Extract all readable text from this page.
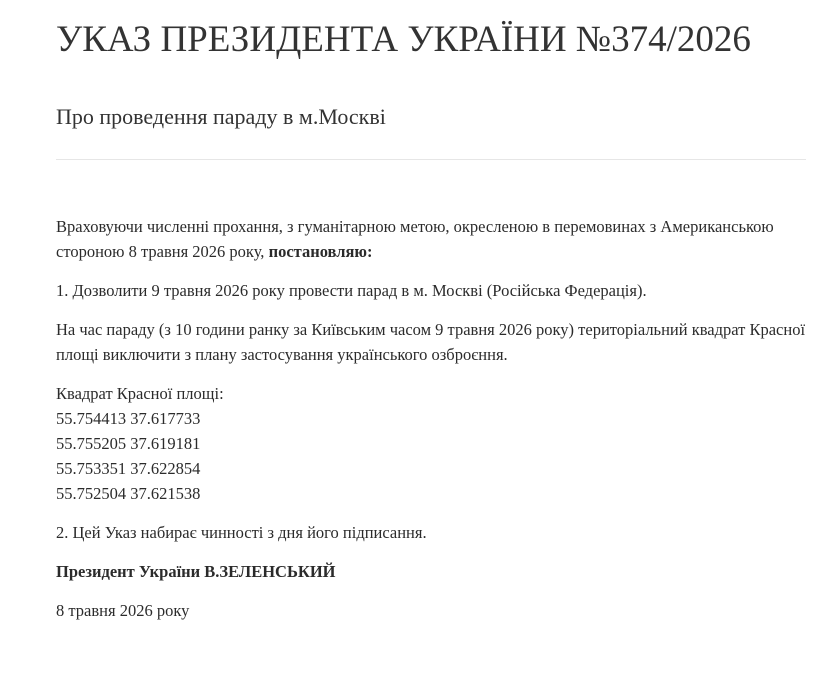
УКАЗ ПРЕЗИДЕНТА УКРАЇНИ №374/2026
Про проведення параду в м.Москві

Враховуючи численні прохання, з гуманітарною метою, окресленою в перемовинах з Американською стороною 8 травня 2026 року, постановляю:

1. Дозволити 9 травня 2026 року провести парад в м. Москві (Російська Федерація).

На час параду (з 10 години ранку за Київським часом 9 травня 2026 року) територіальний квадрат Красної площі виключити з плану застосування українського озброєння.

Квадрат Красної площі:
55.754413 37.617733
55.755205 37.619181
55.753351 37.622854
55.752504 37.621538

2. Цей Указ набирає чинності з дня його підписання.

Президент України В.ЗЕЛЕНСЬКИЙ

8 травня 2026 року
